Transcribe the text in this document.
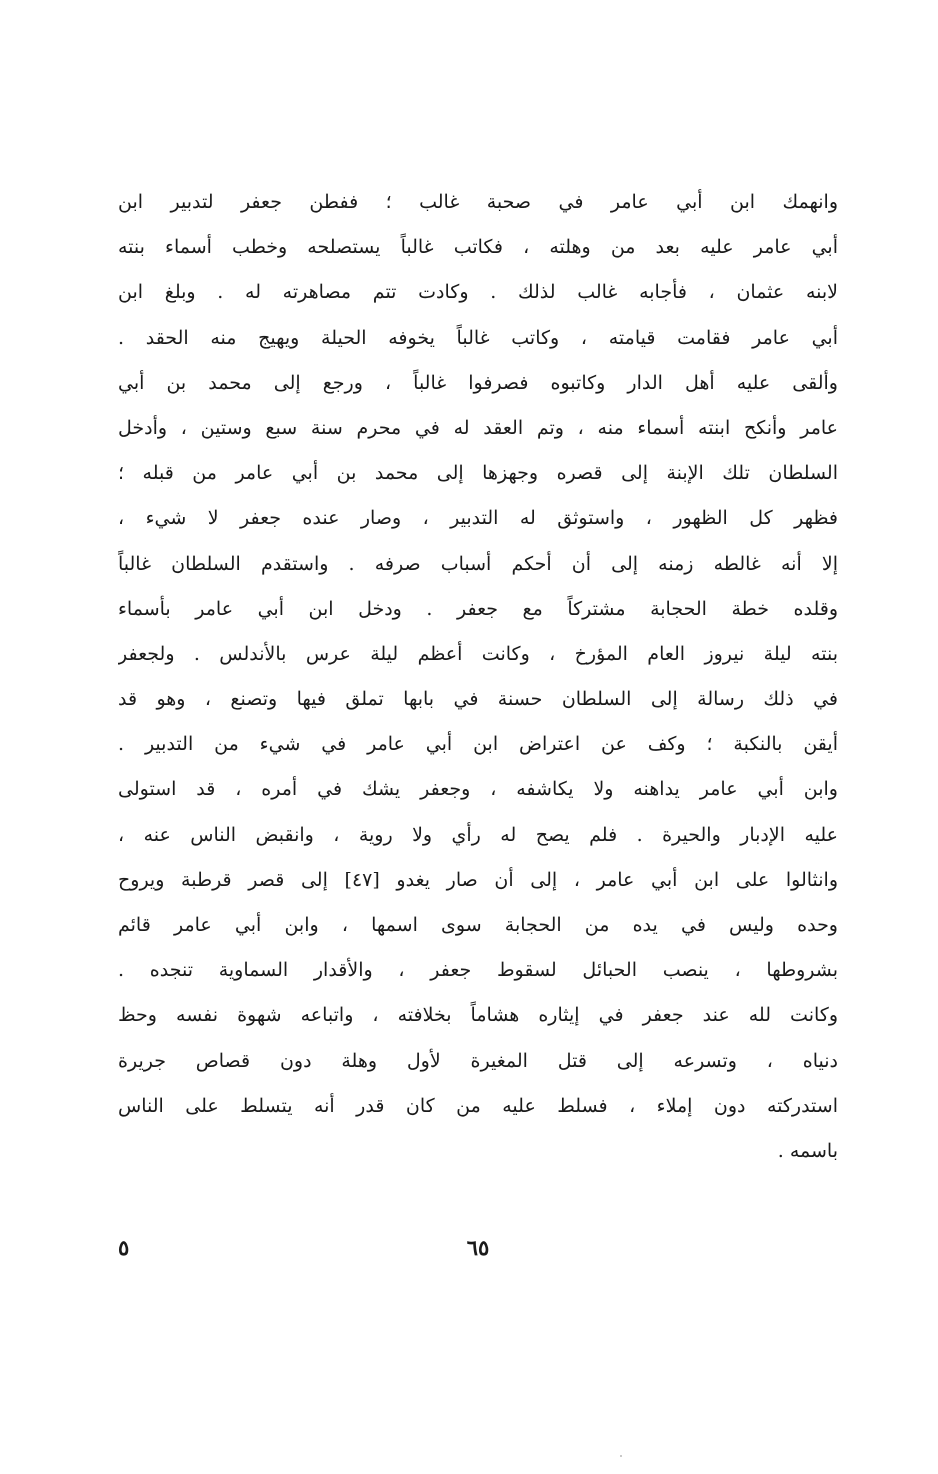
وانهمك ابن أبي عامر في صحبة غالب ؛ ففطن جعفر لتدبير ابن
أبي عامر عليه بعد من وهلته ، فكاتب غالباً يستصلحه وخطب أسماء بنته
لابنه عثمان ، فأجابه غالب لذلك . وكادت تتم مصاهرته له . وبلغ ابن
أبي عامر فقامت قيامته ، وكاتب غالباً يخوفه الحيلة ويهيج منه الحقد .
وألقى عليه أهل الدار وكاتبوه فصرفوا غالباً ، ورجع إلى محمد بن أبي
عامر وأنكح ابنته أسماء منه ، وتم العقد له في محرم سنة سبع وستين ، وأدخل
السلطان تلك الإبنة إلى قصره وجهزها إلى محمد بن أبي عامر من قبله ؛
فظهر كل الظهور ، واستوثق له التدبير ، وصار عنده جعفر لا شيء ،
إلا أنه غالطه زمنه إلى أن أحكم أسباب صرفه . واستقدم السلطان غالباً
وقلده خطة الحجابة مشتركاً مع جعفر . ودخل ابن أبي عامر بأسماء
بنته ليلة نيروز العام المؤرخ ، وكانت أعظم ليلة عرس بالأندلس . ولجعفر
في ذلك رسالة إلى السلطان حسنة في بابها تملق فيها وتصنع ، وهو قد
أيقن بالنكبة ؛ وكف عن اعتراض ابن أبي عامر في شيء من التدبير .
وابن أبي عامر يداهنه ولا يكاشفه ، وجعفر يشك في أمره ، قد استولى
عليه الإدبار والحيرة . فلم يصح له رأي ولا روية ، وانقبض الناس عنه ،
وانثالوا على ابن أبي عامر ، إلى أن صار يغدو [٤٧] إلى قصر قرطبة ويروح
وحده وليس في يده من الحجابة سوى اسمها ، وابن أبي عامر قائم
بشروطها ، ينصب الحبائل لسقوط جعفر ، والأقدار السماوية تنجده .
وكانت لله عند جعفر في إيثاره هشاماً بخلافته ، واتباعه شهوة نفسه وحظ
دنياه ، وتسرعه إلى قتل المغيرة لأول وهلة دون قصاص جريرة
استدركته دون إملاء ، فسلط عليه من كان قدر أنه يتسلط على الناس
باسمه .
٦٥
٥
